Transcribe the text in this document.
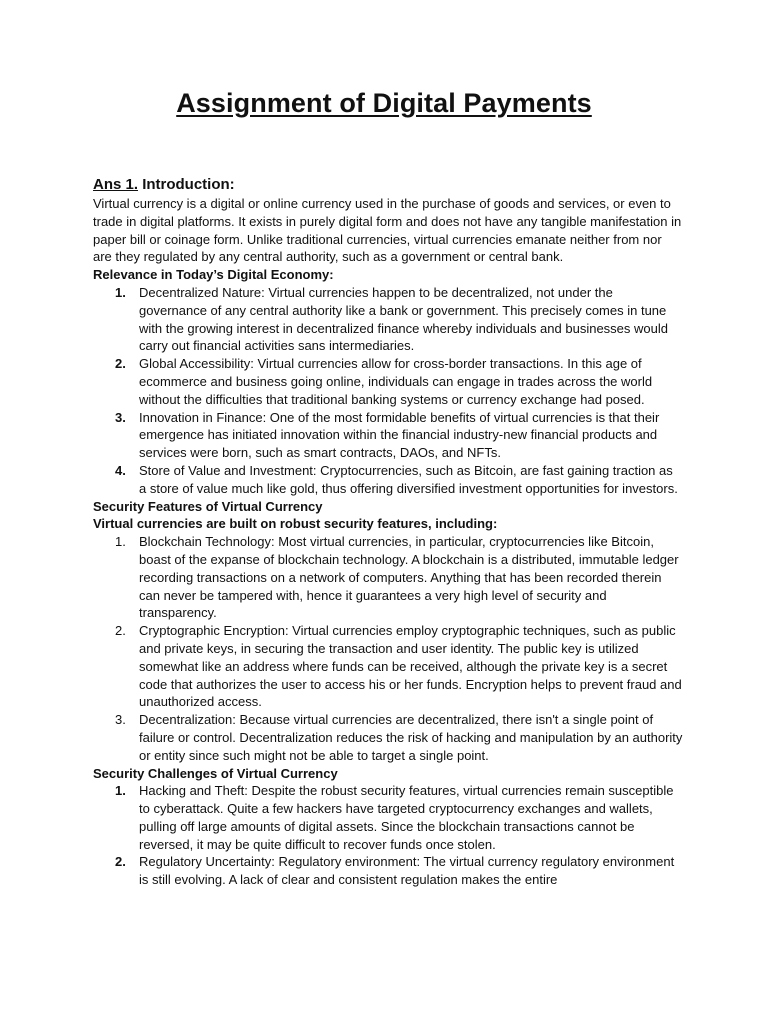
Assignment of Digital Payments
Ans 1. Introduction:

Virtual currency is a digital or online currency used in the purchase of goods and services, or even to trade in digital platforms. It exists in purely digital form and does not have any tangible manifestation in paper bill or coinage form. Unlike traditional currencies, virtual currencies emanate neither from nor are they regulated by any central authority, such as a government or central bank.

Relevance in Today’s Digital Economy:

1. Decentralized Nature: Virtual currencies happen to be decentralized, not under the governance of any central authority like a bank or government. This precisely comes in tune with the growing interest in decentralized finance whereby individuals and businesses would carry out financial activities sans intermediaries.
2. Global Accessibility: Virtual currencies allow for cross-border transactions. In this age of ecommerce and business going online, individuals can engage in trades across the world without the difficulties that traditional banking systems or currency exchange had posed.
3. Innovation in Finance: One of the most formidable benefits of virtual currencies is that their emergence has initiated innovation within the financial industry-new financial products and services were born, such as smart contracts, DAOs, and NFTs.
4. Store of Value and Investment: Cryptocurrencies, such as Bitcoin, are fast gaining traction as a store of value much like gold, thus offering diversified investment opportunities for investors.

Security Features of Virtual Currency

Virtual currencies are built on robust security features, including:

1. Blockchain Technology: Most virtual currencies, in particular, cryptocurrencies like Bitcoin, boast of the expanse of blockchain technology. A blockchain is a distributed, immutable ledger recording transactions on a network of computers. Anything that has been recorded therein can never be tampered with, hence it guarantees a very high level of security and transparency.
2. Cryptographic Encryption: Virtual currencies employ cryptographic techniques, such as public and private keys, in securing the transaction and user identity. The public key is utilized somewhat like an address where funds can be received, although the private key is a secret code that authorizes the user to access his or her funds. Encryption helps to prevent fraud and unauthorized access.
3. Decentralization: Because virtual currencies are decentralized, there isn't a single point of failure or control. Decentralization reduces the risk of hacking and manipulation by an authority or entity since such might not be able to target a single point.

Security Challenges of Virtual Currency

1. Hacking and Theft: Despite the robust security features, virtual currencies remain susceptible to cyberattack. Quite a few hackers have targeted cryptocurrency exchanges and wallets, pulling off large amounts of digital assets. Since the blockchain transactions cannot be reversed, it may be quite difficult to recover funds once stolen.
2. Regulatory Uncertainty: Regulatory environment: The virtual currency regulatory environment is still evolving. A lack of clear and consistent regulation makes the entire
